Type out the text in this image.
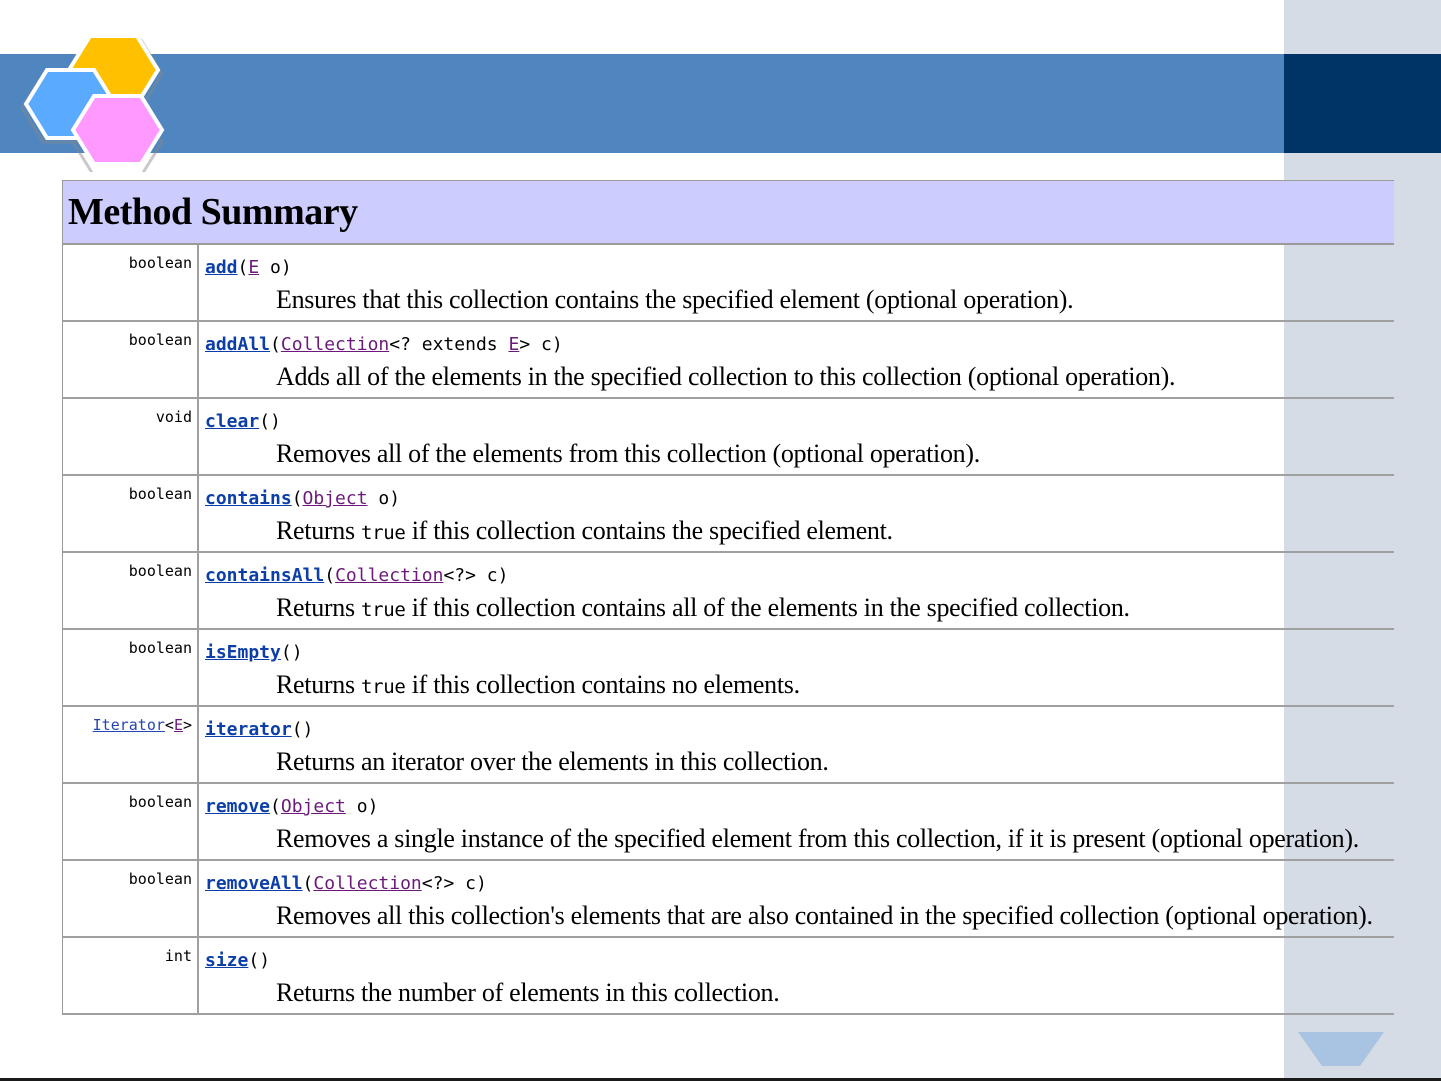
Method Summary
boolean add(E o)
Ensures that this collection contains the specified element (optional operation).
boolean addAll(Collection<? extends E> c)
Adds all of the elements in the specified collection to this collection (optional operation).
void clear()
Removes all of the elements from this collection (optional operation).
boolean contains(Object o)
Returns true if this collection contains the specified element.
boolean containsAll(Collection<?> c)
Returns true if this collection contains all of the elements in the specified collection.
boolean isEmpty()
Returns true if this collection contains no elements.
Iterator<E> iterator()
Returns an iterator over the elements in this collection.
boolean remove(Object o)
Removes a single instance of the specified element from this collection, if it is present (optional operation).
boolean removeAll(Collection<?> c)
Removes all this collection's elements that are also contained in the specified collection (optional operation).
int size()
Returns the number of elements in this collection.
